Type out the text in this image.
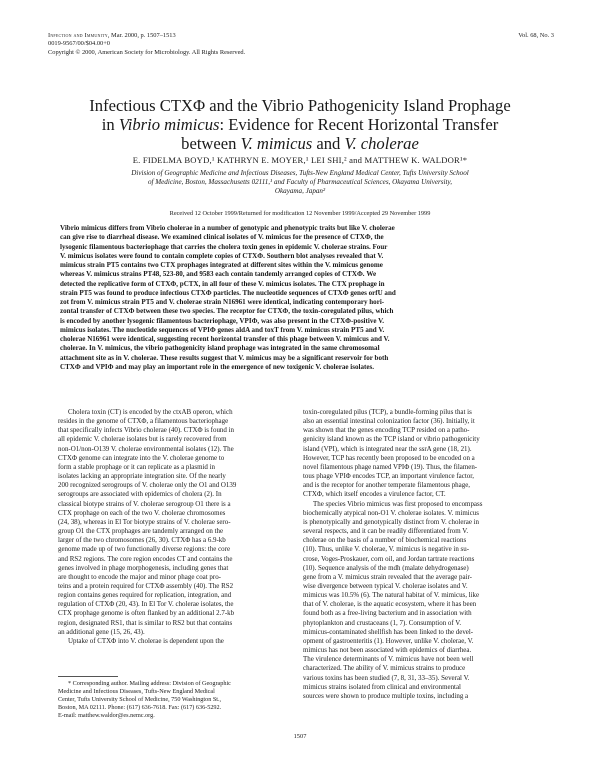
Infection and Immunity, Mar. 2000, p. 1507–1513
0019-9567/00/$04.00+0
Copyright © 2000, American Society for Microbiology. All Rights Reserved.
Vol. 68, No. 3
Infectious CTXΦ and the Vibrio Pathogenicity Island Prophage
in Vibrio mimicus: Evidence for Recent Horizontal Transfer
between V. mimicus and V. cholerae
E. FIDELMA BOYD,¹ KATHRYN E. MOYER,¹ LEI SHI,² and MATTHEW K. WALDOR¹*
Division of Geographic Medicine and Infectious Diseases, Tufts-New England Medical Center, Tufts University School
of Medicine, Boston, Massachusetts 02111,¹ and Faculty of Pharmaceutical Sciences, Okayama University,
Okayama, Japan²
Received 12 October 1999/Returned for modification 12 November 1999/Accepted 29 November 1999
Vibrio mimicus differs from Vibrio cholerae in a number of genotypic and phenotypic traits but like V. cholerae
can give rise to diarrheal disease. We examined clinical isolates of V. mimicus for the presence of CTXΦ, the
lysogenic filamentous bacteriophage that carries the cholera toxin genes in epidemic V. cholerae strains. Four
V. mimicus isolates were found to contain complete copies of CTXΦ. Southern blot analyses revealed that V.
mimicus strain PT5 contains two CTX prophages integrated at different sites within the V. mimicus genome
whereas V. mimicus strains PT48, 523-80, and 9583 each contain tandemly arranged copies of CTXΦ. We
detected the replicative form of CTXΦ, pCTX, in all four of these V. mimicus isolates. The CTX prophage in
strain PT5 was found to produce infectious CTXΦ particles. The nucleotide sequences of CTXΦ genes orfU and
zot from V. mimicus strain PT5 and V. cholerae strain N16961 were identical, indicating contemporary hori-
zontal transfer of CTXΦ between these two species. The receptor for CTXΦ, the toxin-coregulated pilus, which
is encoded by another lysogenic filamentous bacteriophage, VPIΦ, was also present in the CTXΦ-positive V.
mimicus isolates. The nucleotide sequences of VPIΦ genes aldA and toxT from V. mimicus strain PT5 and V.
cholerae N16961 were identical, suggesting recent horizontal transfer of this phage between V. mimicus and V.
cholerae. In V. mimicus, the vibrio pathogenicity island prophage was integrated in the same chromosomal
attachment site as in V. cholerae. These results suggest that V. mimicus may be a significant reservoir for both
CTXΦ and VPIΦ and may play an important role in the emergence of new toxigenic V. cholerae isolates.
Cholera toxin (CT) is encoded by the ctxAB operon, which
resides in the genome of CTXΦ, a filamentous bacteriophage
that specifically infects Vibrio cholerae (40). CTXΦ is found in
all epidemic V. cholerae isolates but is rarely recovered from
non-O1/non-O139 V. cholerae environmental isolates (12). The
CTXΦ genome can integrate into the V. cholerae genome to
form a stable prophage or it can replicate as a plasmid in
isolates lacking an appropriate integration site. Of the nearly
200 recognized serogroups of V. cholerae only the O1 and O139
serogroups are associated with epidemics of cholera (2). In
classical biotype strains of V. cholerae serogroup O1 there is a
CTX prophage on each of the two V. cholerae chromosomes
(24, 38), whereas in El Tor biotype strains of V. cholerae sero-
group O1 the CTX prophages are tandemly arranged on the
larger of the two chromosomes (26, 30). CTXΦ has a 6.9-kb
genome made up of two functionally diverse regions: the core
and RS2 regions. The core region encodes CT and contains the
genes involved in phage morphogenesis, including genes that
are thought to encode the major and minor phage coat pro-
teins and a protein required for CTXΦ assembly (40). The RS2
region contains genes required for replication, integration, and
regulation of CTXΦ (20, 43). In El Tor V. cholerae isolates, the
CTX prophage genome is often flanked by an additional 2.7-kb
region, designated RS1, that is similar to RS2 but that contains
an additional gene (15, 26, 43).
Uptake of CTXΦ into V. cholerae is dependent upon the
toxin-coregulated pilus (TCP), a bundle-forming pilus that is
also an essential intestinal colonization factor (36). Initially, it
was shown that the genes encoding TCP resided on a patho-
genicity island known as the TCP island or vibrio pathogenicity
island (VPI), which is integrated near the ssrA gene (18, 21).
However, TCP has recently been proposed to be encoded on a
novel filamentous phage named VPIΦ (19). Thus, the filamen-
tous phage VPIΦ encodes TCP, an important virulence factor,
and is the receptor for another temperate filamentous phage,
CTXΦ, which itself encodes a virulence factor, CT.
The species Vibrio mimicus was first proposed to encompass
biochemically atypical non-O1 V. cholerae isolates. V. mimicus
is phenotypically and genotypically distinct from V. cholerae in
several respects, and it can be readily differentiated from V.
cholerae on the basis of a number of biochemical reactions
(10). Thus, unlike V. cholerae, V. mimicus is negative in su-
crose, Voges-Proskauer, corn oil, and Jordan tartrate reactions
(10). Sequence analysis of the mdh (malate dehydrogenase)
gene from a V. mimicus strain revealed that the average pair-
wise divergence between typical V. cholerae isolates and V.
mimicus was 10.5% (6). The natural habitat of V. mimicus, like
that of V. cholerae, is the aquatic ecosystem, where it has been
found both as a free-living bacterium and in association with
phytoplankton and crustaceans (1, 7). Consumption of V.
mimicus-contaminated shellfish has been linked to the devel-
opment of gastroenteritis (1). However, unlike V. cholerae, V.
mimicus has not been associated with epidemics of diarrhea.
The virulence determinants of V. mimicus have not been well
characterized. The ability of V. mimicus strains to produce
various toxins has been studied (7, 8, 31, 33–35). Several V.
mimicus strains isolated from clinical and environmental
sources were shown to produce multiple toxins, including a
* Corresponding author. Mailing address: Division of Geographic
Medicine and Infectious Diseases, Tufts-New England Medical
Center, Tufts University School of Medicine, 750 Washington St.,
Boston, MA 02111. Phone: (617) 636-7618. Fax: (617) 636-5292.
E-mail: matthew.waldor@es.nemc.org.
1507
